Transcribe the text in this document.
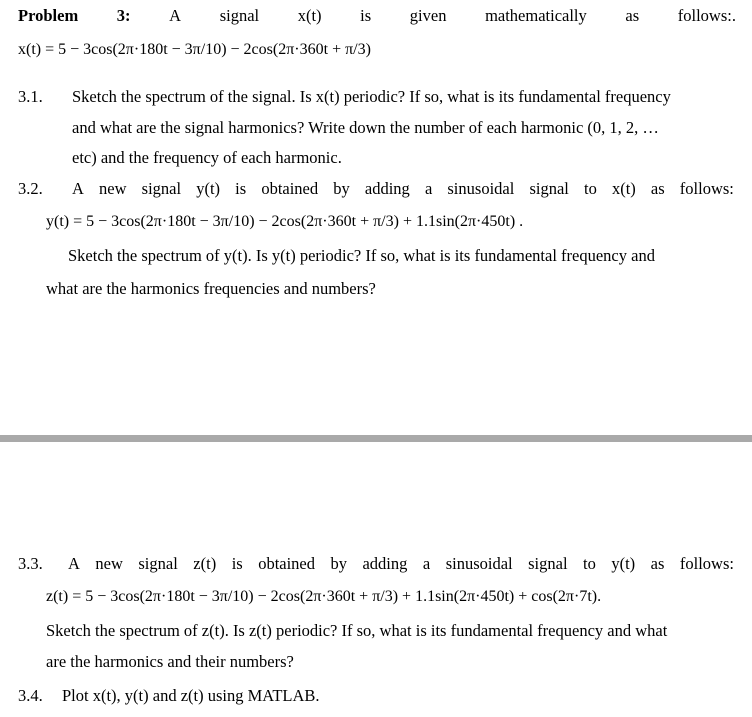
Problem 3: A signal x(t) is given mathematically as follows:.
x(t) = 5 − 3cos(2π·180t − 3π/10) − 2cos(2π·360t + π/3)
3.1. Sketch the spectrum of the signal. Is x(t) periodic? If so, what is its fundamental frequency
and what are the signal harmonics? Write down the number of each harmonic (0, 1, 2, …
etc) and the frequency of each harmonic.
3.2. A new signal y(t) is obtained by adding a sinusoidal signal to x(t) as follows:
y(t) = 5 − 3cos(2π·180t − 3π/10) − 2cos(2π·360t + π/3) + 1.1sin(2π·450t) .
Sketch the spectrum of y(t). Is y(t) periodic? If so, what is its fundamental frequency and
what are the harmonics frequencies and numbers?
3.3. A new signal z(t) is obtained by adding a sinusoidal signal to y(t) as follows:
z(t) = 5 − 3cos(2π·180t − 3π/10) − 2cos(2π·360t + π/3) + 1.1sin(2π·450t) + cos(2π·7t).
Sketch the spectrum of z(t). Is z(t) periodic? If so, what is its fundamental frequency and what
are the harmonics and their numbers?
3.4. Plot x(t), y(t) and z(t) using MATLAB.
